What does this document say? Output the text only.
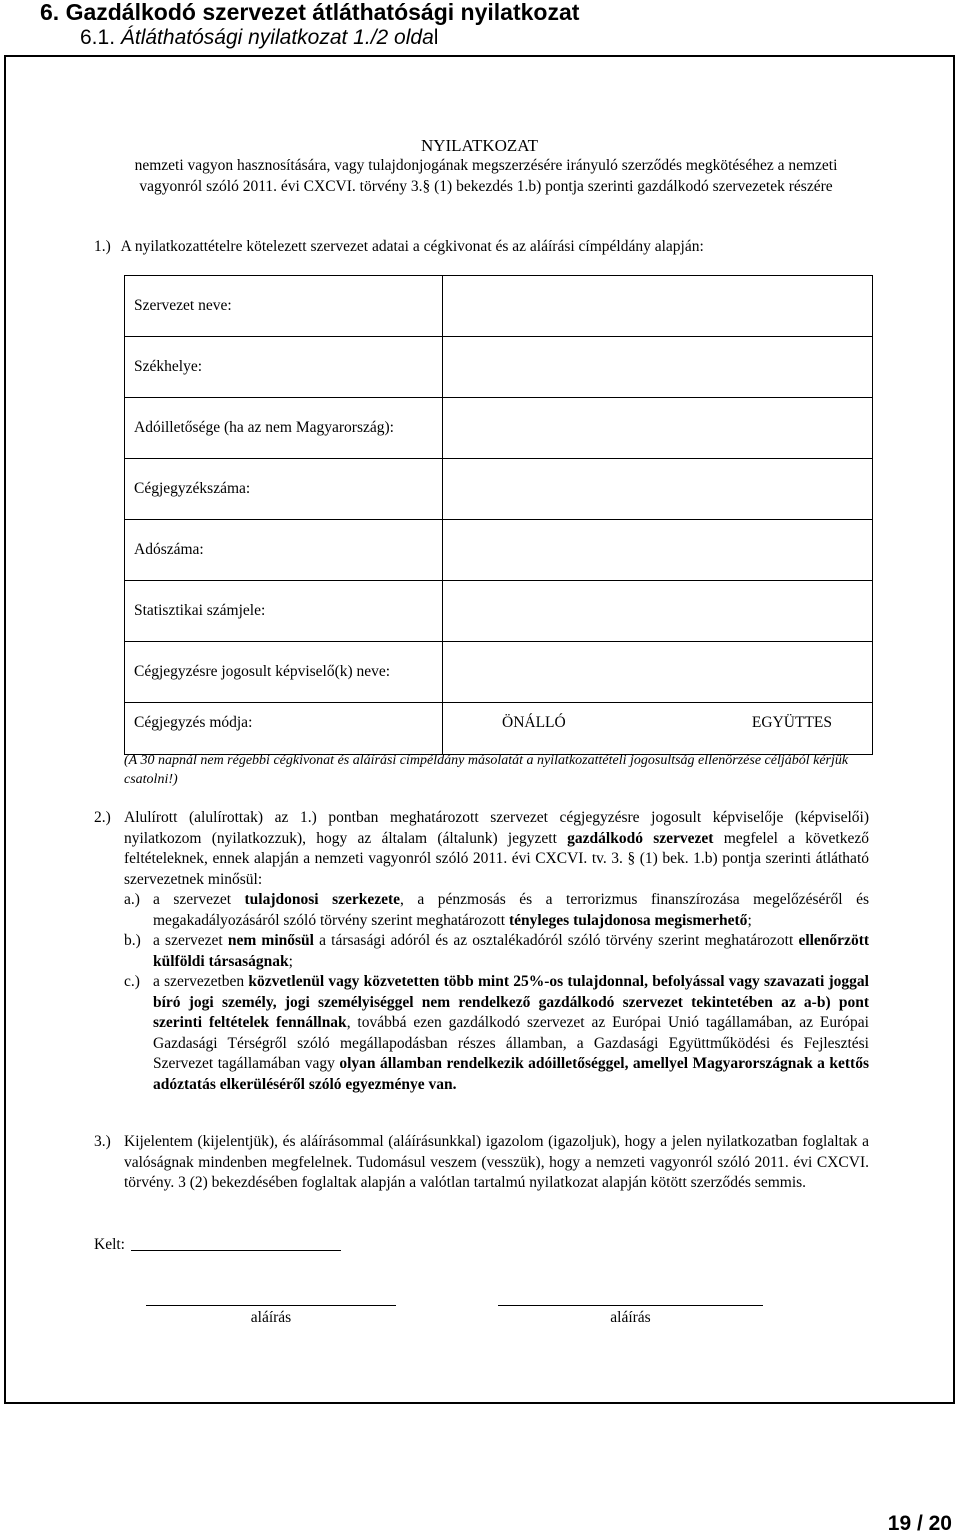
6. Gazdálkodó szervezet átláthatósági nyilatkozat
6.1. Átláthatósági nyilatkozat 1./2 oldal
NYILATKOZAT
nemzeti vagyon hasznosítására, vagy tulajdonjogának megszerzésére irányuló szerződés megkötéséhez a nemzeti vagyonról szóló 2011. évi CXCVI. törvény 3.§ (1) bekezdés 1.b) pontja szerinti gazdálkodó szervezetek részére
1.) A nyilatkozattételre kötelezett szervezet adatai a cégkivonat és az aláírási címpéldány alapján:
Szervezet neve:	
Székhelye:	
Adóilletősége (ha az nem Magyarország):	
Cégjegyzékszáma:	
Adószáma:	
Statisztikai számjele:	
Cégjegyzésre jogosult képviselő(k) neve:	
Cégjegyzés módja:	ÖNÁLLÓ EGYÜTTES
(A 30 napnál nem régebbi cégkivonat és aláírási címpéldány másolatát a nyilatkozattételi jogosultság ellenőrzése céljából kérjük csatolni!)
2.) Alulírott (alulírottak) az 1.) pontban meghatározott szervezet cégjegyzésre jogosult képviselője (képviselői) nyilatkozom (nyilatkozzuk), hogy az általam (általunk) jegyzett gazdálkodó szervezet megfelel a következő feltételeknek, ennek alapján a nemzeti vagyonról szóló 2011. évi CXCVI. tv. 3. § (1) bek. 1.b) pontja szerinti átlátható szervezetnek minősül:
a.) a szervezet tulajdonosi szerkezete, a pénzmosás és a terrorizmus finanszírozása megelőzéséről és megakadályozásáról szóló törvény szerint meghatározott tényleges tulajdonosa megismerhető;
b.) a szervezet nem minősül a társasági adóról és az osztalékadóról szóló törvény szerint meghatározott ellenőrzött külföldi társaságnak;
c.) a szervezetben közvetlenül vagy közvetetten több mint 25%-os tulajdonnal, befolyással vagy szavazati joggal bíró jogi személy, jogi személyiséggel nem rendelkező gazdálkodó szervezet tekintetében az a-b) pont szerinti feltételek fennállnak, továbbá ezen gazdálkodó szervezet az Európai Unió tagállamában, az Európai Gazdasági Térségről szóló megállapodásban részes államban, a Gazdasági Együttműködési és Fejlesztési Szervezet tagállamában vagy olyan államban rendelkezik adóilletőséggel, amellyel Magyarországnak a kettős adóztatás elkerüléséről szóló egyezménye van.
3.) Kijelentem (kijelentjük), és aláírásommal (aláírásunkkal) igazolom (igazoljuk), hogy a jelen nyilatkozatban foglaltak a valóságnak mindenben megfelelnek. Tudomásul veszem (vesszük), hogy a nemzeti vagyonról szóló 2011. évi CXCVI. törvény. 3 (2) bekezdésében foglaltak alapján a valótlan tartalmú nyilatkozat alapján kötött szerződés semmis.
Kelt:
aláírás	aláírás
19 / 20
